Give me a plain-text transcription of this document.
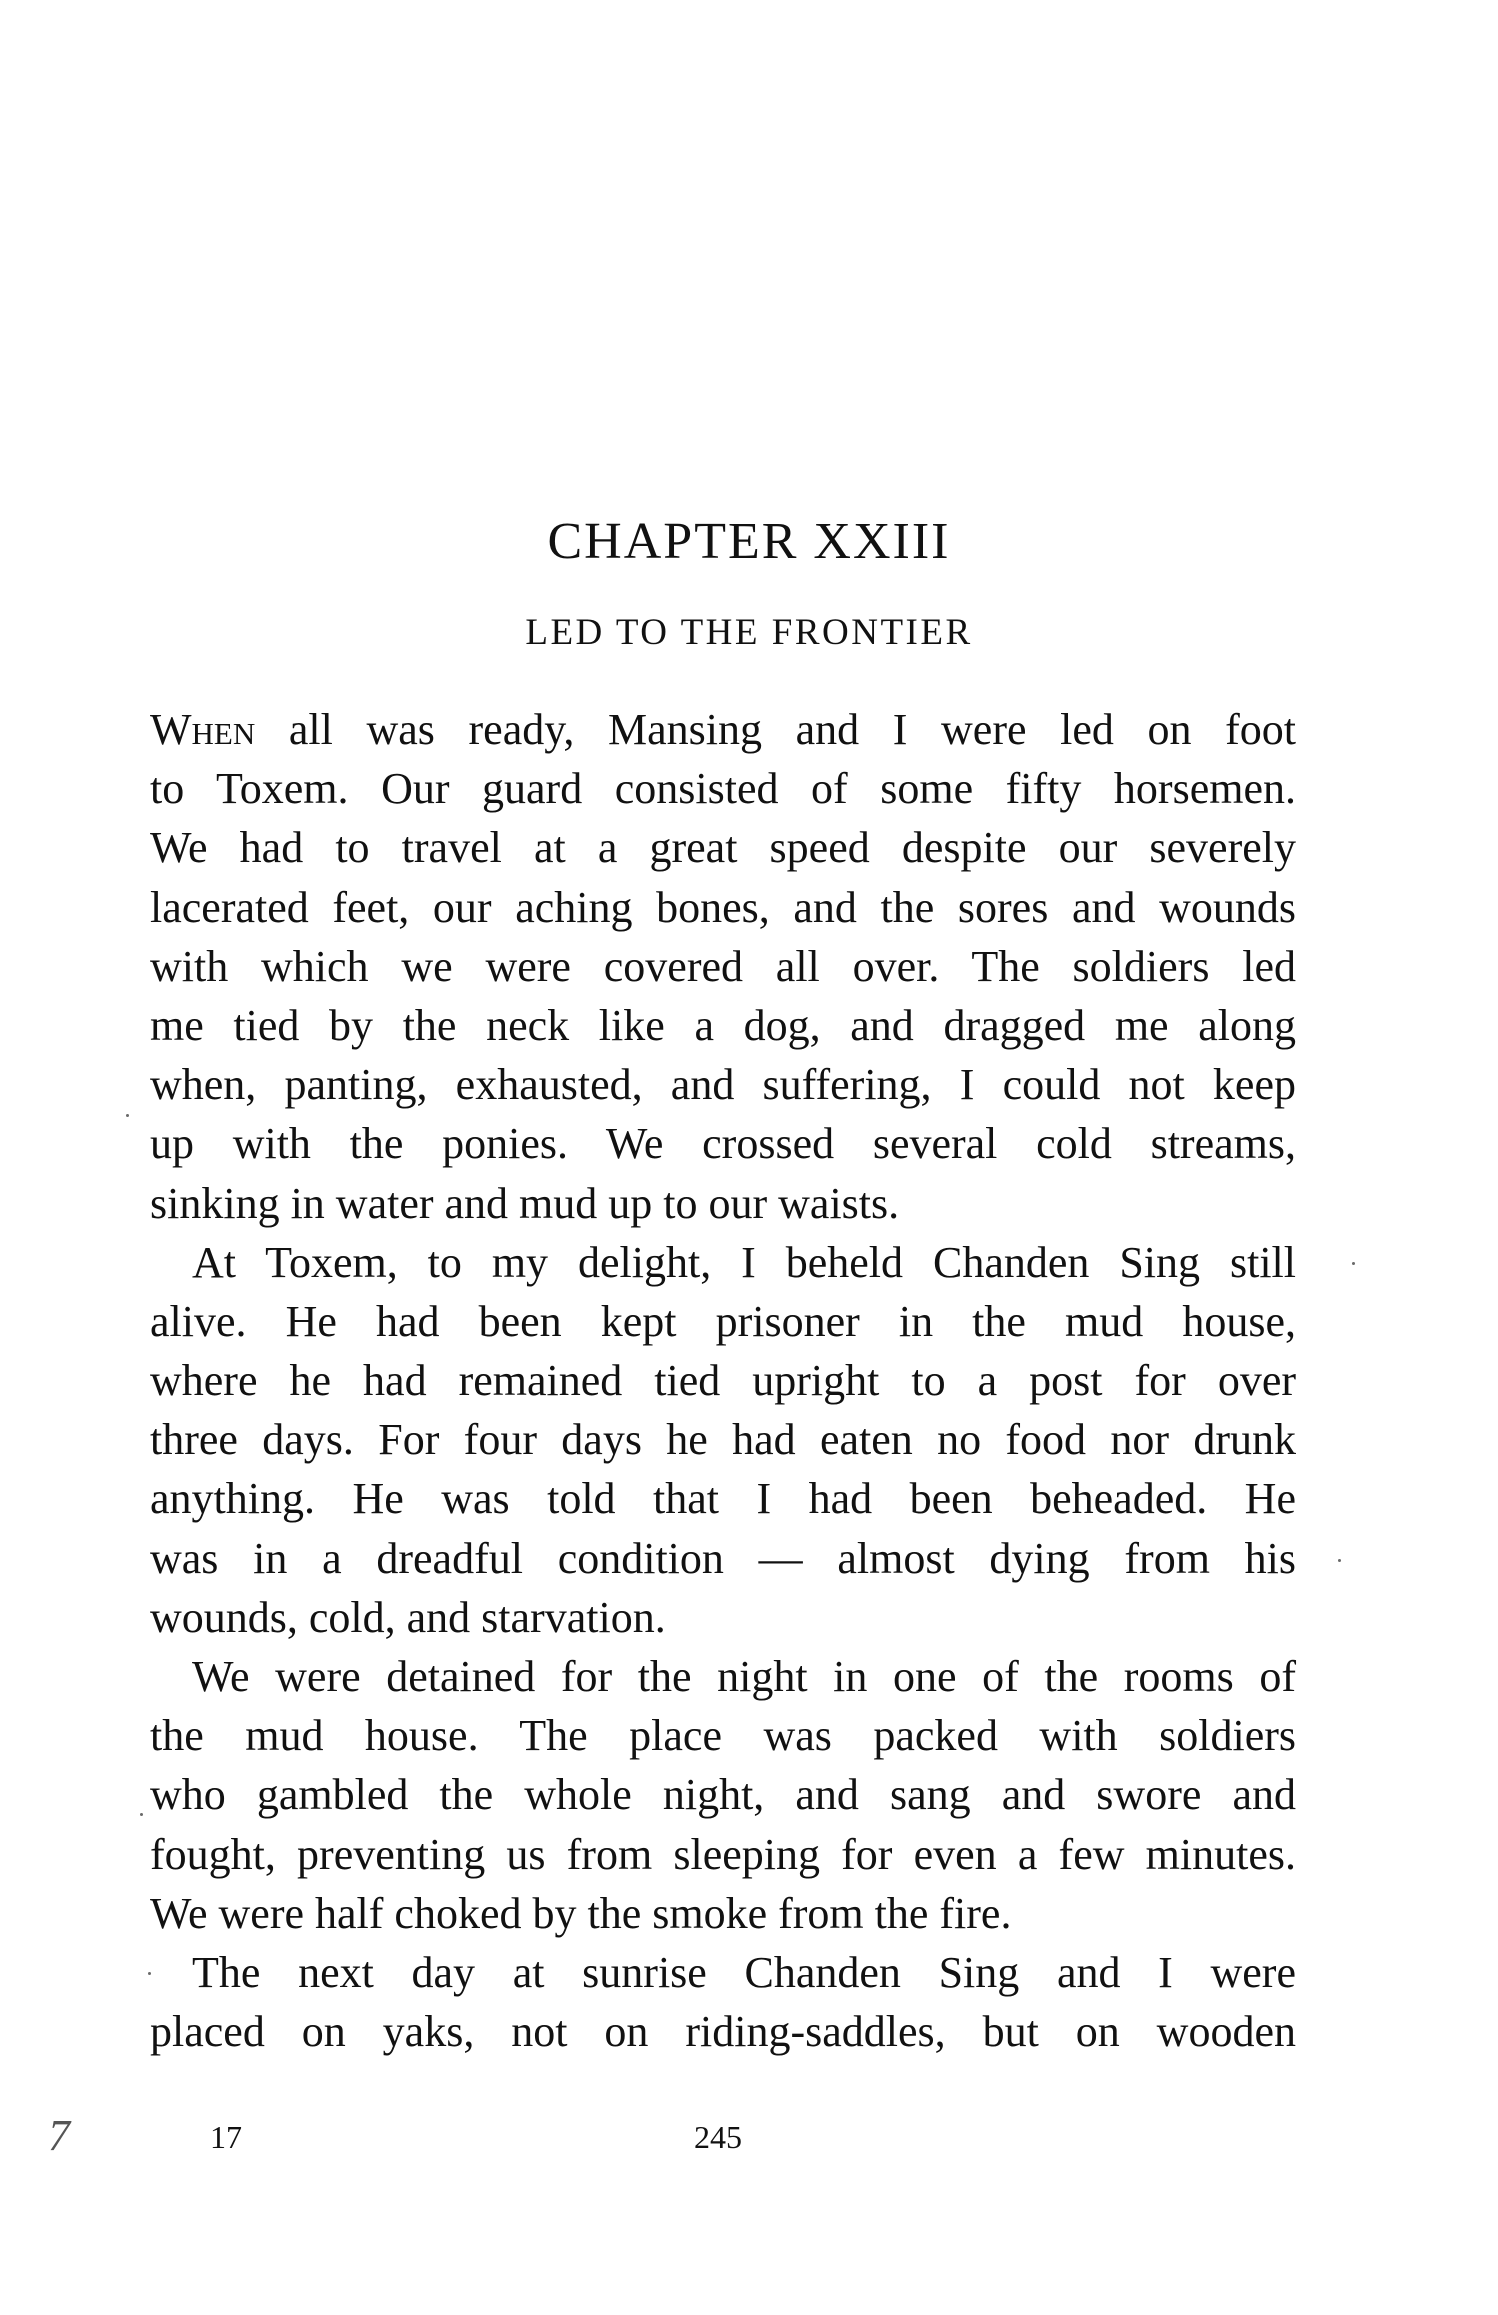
CHAPTER XXIII
LED TO THE FRONTIER
When all was ready, Mansing and I were led on foot
to Toxem. Our guard consisted of some fifty horsemen.
We had to travel at a great speed despite our severely
lacerated feet, our aching bones, and the sores and wounds
with which we were covered all over. The soldiers led
me tied by the neck like a dog, and dragged me along
when, panting, exhausted, and suffering, I could not keep
up with the ponies. We crossed several cold streams,
sinking in water and mud up to our waists.
At Toxem, to my delight, I beheld Chanden Sing still
alive. He had been kept prisoner in the mud house,
where he had remained tied upright to a post for over
three days. For four days he had eaten no food nor drunk
anything. He was told that I had been beheaded. He
was in a dreadful condition — almost dying from his
wounds, cold, and starvation.
We were detained for the night in one of the rooms of
the mud house. The place was packed with soldiers
who gambled the whole night, and sang and swore and
fought, preventing us from sleeping for even a few minutes.
We were half choked by the smoke from the fire.
The next day at sunrise Chanden Sing and I were
placed on yaks, not on riding-saddles, but on wooden
17	245
7
